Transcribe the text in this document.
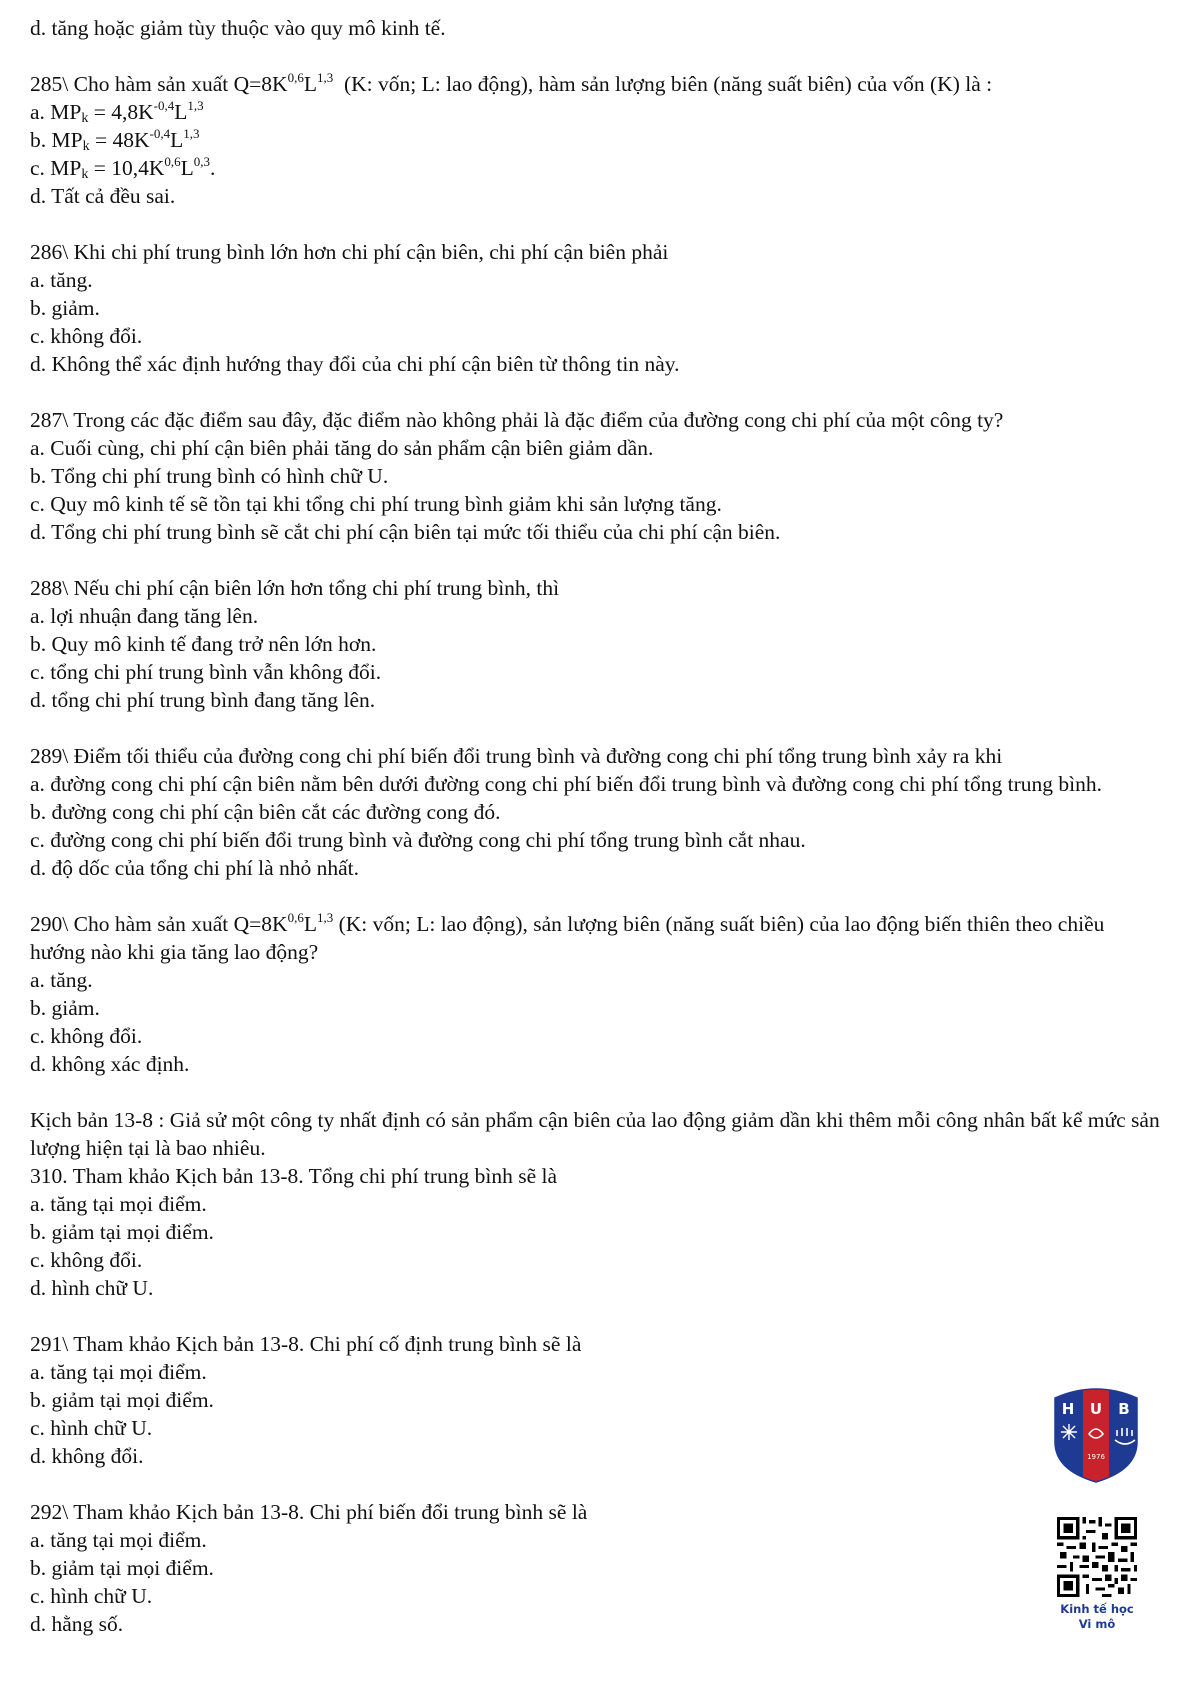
d. tăng hoặc giảm tùy thuộc vào quy mô kinh tế.
285\ Cho hàm sản xuất $Q=8K^{0,6}L^{1,3}$  (K: vốn; L: lao động), hàm sản lượng biên (năng suất biên) của vốn (K) là :
a. $MP_k = 4,8K^{-0,4}L^{1,3}$
b. $MP_k = 48K^{-0,4}L^{1,3}$
c. $MP_k = 10,4K^{0,6}L^{0,3}$.
d. Tất cả đều sai.
286\ Khi chi phí trung bình lớn hơn chi phí cận biên, chi phí cận biên phải
a. tăng.
b. giảm.
c. không đổi.
d. Không thể xác định hướng thay đổi của chi phí cận biên từ thông tin này.
287\ Trong các đặc điểm sau đây, đặc điểm nào không phải là đặc điểm của đường cong chi phí của một công ty?
a. Cuối cùng, chi phí cận biên phải tăng do sản phẩm cận biên giảm dần.
b. Tổng chi phí trung bình có hình chữ U.
c. Quy mô kinh tế sẽ tồn tại khi tổng chi phí trung bình giảm khi sản lượng tăng.
d. Tổng chi phí trung bình sẽ cắt chi phí cận biên tại mức tối thiểu của chi phí cận biên.
288\ Nếu chi phí cận biên lớn hơn tổng chi phí trung bình, thì
a. lợi nhuận đang tăng lên.
b. Quy mô kinh tế đang trở nên lớn hơn.
c. tổng chi phí trung bình vẫn không đổi.
d. tổng chi phí trung bình đang tăng lên.
289\ Điểm tối thiểu của đường cong chi phí biến đổi trung bình và đường cong chi phí tổng trung bình xảy ra khi
a. đường cong chi phí cận biên nằm bên dưới đường cong chi phí biến đổi trung bình và đường cong chi phí tổng trung bình.
b. đường cong chi phí cận biên cắt các đường cong đó.
c. đường cong chi phí biến đổi trung bình và đường cong chi phí tổng trung bình cắt nhau.
d. độ dốc của tổng chi phí là nhỏ nhất.
290\ Cho hàm sản xuất $Q=8K^{0,6}L^{1,3}$ (K: vốn; L: lao động), sản lượng biên (năng suất biên) của lao động biến thiên theo chiều hướng nào khi gia tăng lao động?
a. tăng.
b. giảm.
c. không đổi.
d. không xác định.
Kịch bản 13-8 : Giả sử một công ty nhất định có sản phẩm cận biên của lao động giảm dần khi thêm mỗi công nhân bất kể mức sản lượng hiện tại là bao nhiêu.
310. Tham khảo Kịch bản 13-8. Tổng chi phí trung bình sẽ là
a. tăng tại mọi điểm.
b. giảm tại mọi điểm.
c. không đổi.
d. hình chữ U.
291\ Tham khảo Kịch bản 13-8. Chi phí cố định trung bình sẽ là
a. tăng tại mọi điểm.
b. giảm tại mọi điểm.
c. hình chữ U.
d. không đổi.
292\ Tham khảo Kịch bản 13-8. Chi phí biến đổi trung bình sẽ là
a. tăng tại mọi điểm.
b. giảm tại mọi điểm.
c. hình chữ U.
d. hằng số.
H U B
1976
Kinh tế học
Vi mô
